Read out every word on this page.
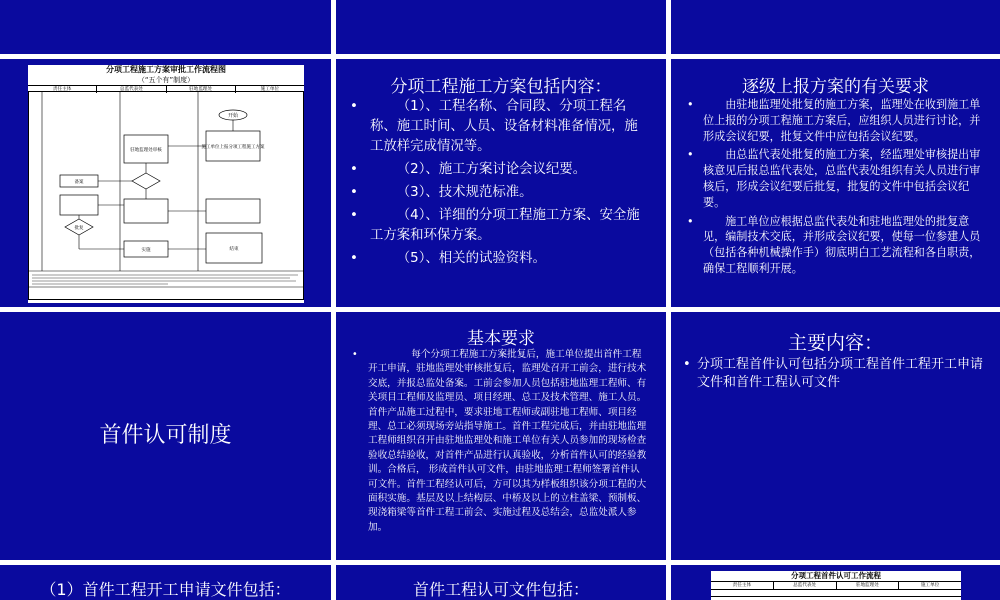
分项工程施工方案审批工作流程图
（“五个有”制度）
责任主体	总监代表处	驻地监理处	施工单位
开始
施工单位上报分项工程施工方案
驻地监理处审核
备案
批复
实施	结束
分项工程施工方案包括内容：
• （1）、工程名称、合同段、分项工程名称、施工时间、人员、设备材料准备情况，施工放样完成情况等。
• （2）、施工方案讨论会议纪要。
• （3）、技术规范标准。
• （4）、详细的分项工程施工方案、安全施工方案和环保方案。
• （5）、相关的试验资料。
逐级上报方案的有关要求
• 由驻地监理处批复的施工方案，监理处在收到施工单位上报的分项工程施工方案后，应组织人员进行讨论，并形成会议纪要，批复文件中应包括会议纪要。
• 由总监代表处批复的施工方案，经监理处审核提出审核意见后报总监代表处，总监代表处组织有关人员进行审核后，形成会议纪要后批复，批复的文件中包括会议纪要。
• 施工单位应根据总监代表处和驻地监理处的批复意见，编制技术交底，并形成会议纪要，使每一位参建人员（包括各种机械操作手）彻底明白工艺流程和各自职责，确保工程顺利开展。
首件认可制度
基本要求
• 每个分项工程施工方案批复后，施工单位提出首件工程开工申请，驻地监理处审核批复后，监理处召开工前会，进行技术交底，并报总监处备案。工前会参加人员包括驻地监理工程师、有关项目工程师及监理员、项目经理、总工及技术管理、施工人员。首件产品施工过程中，要求驻地工程师或副驻地工程师、项目经理、总工必须现场旁站指导施工。首件工程完成后，并由驻地监理工程师组织召开由驻地监理处和施工单位有关人员参加的现场检查验收总结验收，对首件产品进行认真验收，分析首件认可的经验教训。合格后， 形成首件认可文件，由驻地监理工程师签署首件认可文件。首件工程经认可后，方可以其为样板组织该分项工程的大面积实施。基层及以上结构层、中桥及以上的立柱盖梁、预制板、现浇箱梁等首件工程工前会、实施过程及总结会，总监处派人参加。
主要内容：
• 分项工程首件认可包括分项工程首件工程开工申请文件和首件工程认可文件
（1）首件工程开工申请文件包括：	首件工程认可文件包括：
分项工程首件认可工作流程
责任主体	总监代表处	驻地监理处	施工单位
